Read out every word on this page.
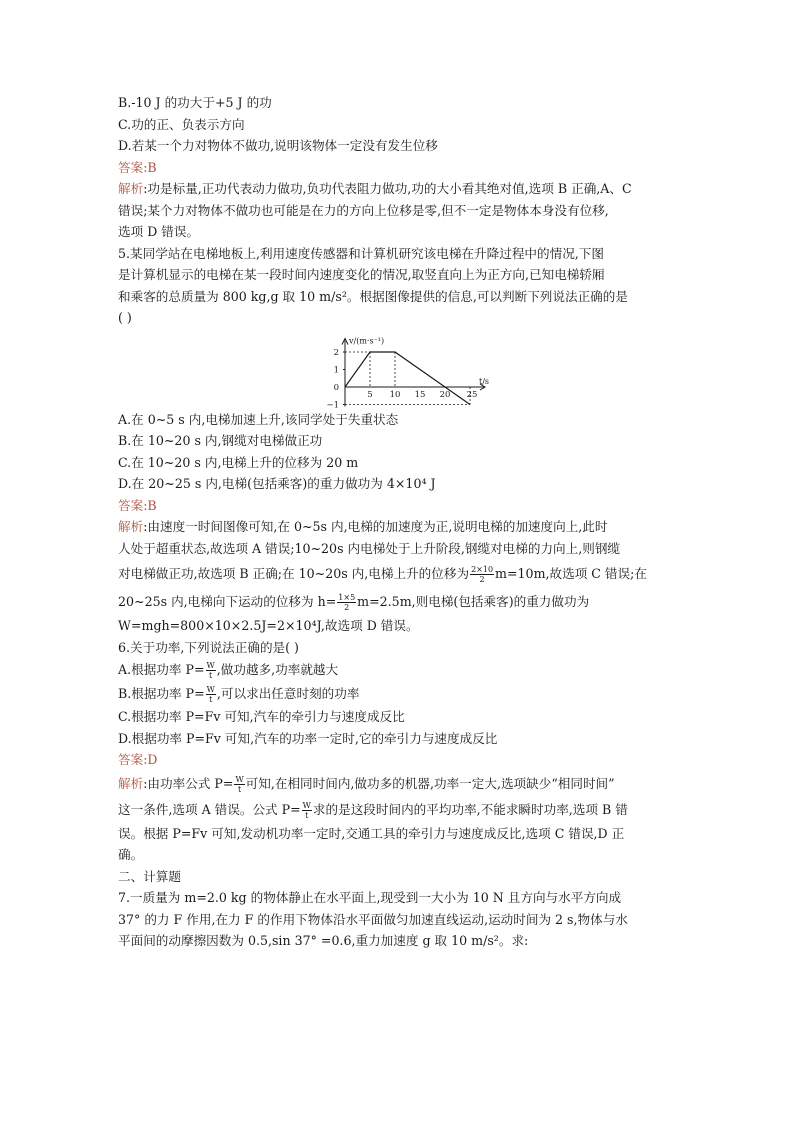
B.-10 J 的功大于+5 J 的功
C.功的正、负表示方向
D.若某一个力对物体不做功,说明该物体一定没有发生位移
答案:B
解析:功是标量,正功代表动力做功,负功代表阻力做功,功的大小看其绝对值,选项 B 正确,A、C
错误;某个力对物体不做功也可能是在力的方向上位移是零,但不一定是物体本身没有位移,
选项 D 错误。
5.某同学站在电梯地板上,利用速度传感器和计算机研究该电梯在升降过程中的情况,下图
是计算机显示的电梯在某一段时间内速度变化的情况,取竖直向上为正方向,已知电梯轿厢
和乘客的总质量为 800 kg,g 取 10 m/s²。根据图像提供的信息,可以判断下列说法正确的是
( )
v/(m·s⁻¹)
t/s
2
1
0
−1
5 10 15 20 25
A.在 0~5 s 内,电梯加速上升,该同学处于失重状态
B.在 10~20 s 内,钢缆对电梯做正功
C.在 10~20 s 内,电梯上升的位移为 20 m
D.在 20~25 s 内,电梯(包括乘客)的重力做功为 4×10⁴ J
答案:B
解析:由速度一时间图像可知,在 0~5s 内,电梯的加速度为正,说明电梯的加速度向上,此时
人处于超重状态,故选项 A 错误;10~20s 内电梯处于上升阶段,钢缆对电梯的力向上,则钢缆
对电梯做正功,故选项 B 正确;在 10~20s 内,电梯上升的位移为 $\frac{2\times 10}{2} m=10m$,故选项 C 错误;在
20~25s 内,电梯向下运动的位移为 $h= \frac{1\times 5}{2} m=2.5m$,则电梯(包括乘客)的重力做功为
W=mgh=800×10×2.5J=2×10⁴J,故选项 D 错误。
6.关于功率,下列说法正确的是( )
A.根据功率 $P= \frac{W}{t}$ ,做功越多,功率就越大
B.根据功率 $P= \frac{W}{t}$ ,可以求出任意时刻的功率
C.根据功率 P=Fv 可知,汽车的牵引力与速度成反比
D.根据功率 P=Fv 可知,汽车的功率一定时,它的牵引力与速度成反比
答案:D
解析:由功率公式 $P= \frac{W}{t}$ 可知,在相同时间内,做功多的机器,功率一定大,选项缺少“相同时间”
这一条件,选项 A 错误。公式 $P= \frac{W}{t}$ 求的是这段时间内的平均功率,不能求瞬时功率,选项 B 错
误。根据 P=Fv 可知,发动机功率一定时,交通工具的牵引力与速度成反比,选项 C 错误,D 正
确。
二、计算题
7.一质量为 m=2.0 kg 的物体静止在水平面上,现受到一大小为 10 N 且方向与水平方向成
37° 的力 F 作用,在力 F 的作用下物体沿水平面做匀加速直线运动,运动时间为 2 s,物体与水
平面间的动摩擦因数为 0.5,sin 37° =0.6,重力加速度 g 取 10 m/s²。求:
